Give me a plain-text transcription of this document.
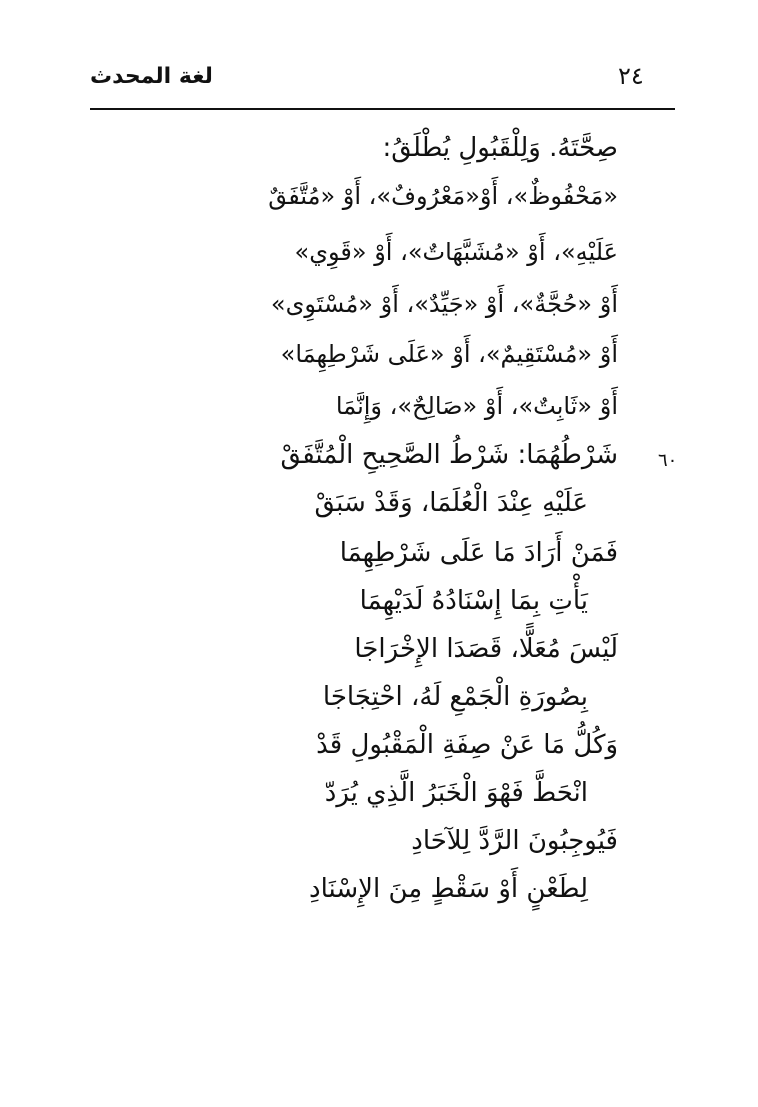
٢٤
لغة المحدث
صِحَّتَهُ. وَلِلْقَبُولِ يُطْلَقُ:
«مَحْفُوظٌ»، أَوْ«مَعْرُوفٌ»، أَوْ «مُتَّفَقٌ
عَلَيْهِ»، أَوْ «مُشَبَّهَاتٌ»، أَوْ «قَوِي»
أَوْ «حُجَّةٌ»، أَوْ «جَيِّدٌ»، أَوْ «مُسْتَوِى»
أَوْ «مُسْتَقِيمٌ»، أَوْ «عَلَى شَرْطِهِمَا»
أَوْ «ثَابِتٌ»، أَوْ «صَالِحٌ»، وَإِنَّمَا
شَرْطُهُمَا: شَرْطُ الصَّحِيحِ الْمُتَّفَقْ ٦٠
عَلَيْهِ عِنْدَ الْعُلَمَا، وَقَدْ سَبَقْ
فَمَنْ أَرَادَ مَا عَلَى شَرْطِهِمَا
يَأْتِ بِمَا إِسْنَادُهُ لَدَيْهِمَا
لَيْسَ مُعَلًّا، قَصَدَا الإِخْرَاجَا
بِصُورَةِ الْجَمْعِ لَهُ، احْتِجَاجَا
وَكُلُّ مَا عَنْ صِفَةِ الْمَقْبُولِ قَدْ
انْحَطَّ فَهْوَ الْخَبَرُ الَّذِي يُرَدّ
فَيُوجِبُونَ الرَّدَّ لِلآحَادِ
لِطَعْنٍ أَوْ سَقْطٍ مِنَ الإِسْنَادِ
